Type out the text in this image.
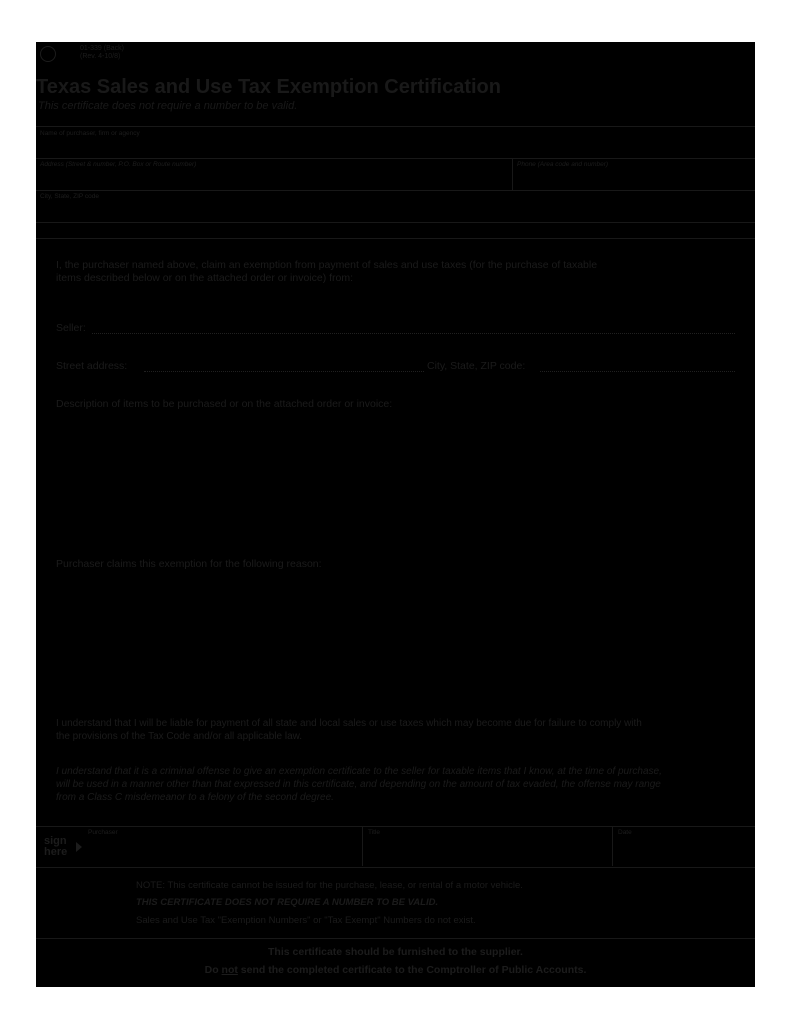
01-339 (Back)
(Rev. 4-10/8)
Texas Sales and Use Tax Exemption Certification
This certificate does not require a number to be valid.
Name of purchaser, firm or agency
Address (Street & number, P.O. Box or Route number)	Phone (Area code and number)
City, State, ZIP code
I, the purchaser named above, claim an exemption from payment of sales and use taxes (for the purchase of taxable
items described below or on the attached order or invoice) from:
Seller:
Street address:	City, State, ZIP code:
Description of items to be purchased or on the attached order or invoice:
Purchaser claims this exemption for the following reason:
I understand that I will be liable for payment of all state and local sales or use taxes which may become due for failure to comply with
the provisions of the Tax Code and/or all applicable law.
I understand that it is a criminal offense to give an exemption certificate to the seller for taxable items that I know, at the time of purchase,
will be used in a manner other than that expressed in this certificate, and depending on the amount of tax evaded, the offense may range
from a Class C misdemeanor to a felony of the second degree.
sign
here
Purchaser	Title	Date
NOTE: This certificate cannot be issued for the purchase, lease, or rental of a motor vehicle.
THIS CERTIFICATE DOES NOT REQUIRE A NUMBER TO BE VALID.
Sales and Use Tax "Exemption Numbers" or "Tax Exempt" Numbers do not exist.
This certificate should be furnished to the supplier.
Do not send the completed certificate to the Comptroller of Public Accounts.
